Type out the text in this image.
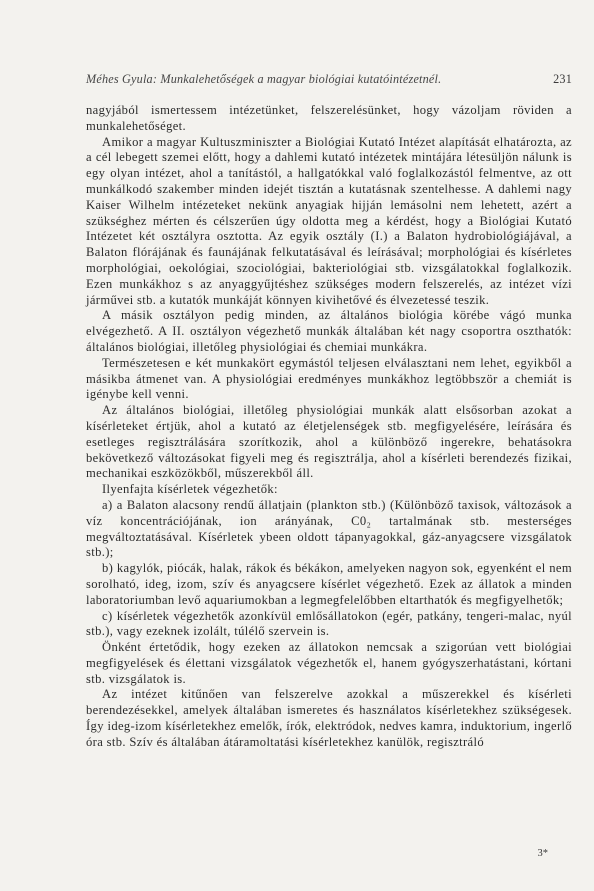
Méhes Gyula: Munkalehetőségek a magyar biológiai kutatóintézetnél.	231

nagyjából ismertessem intézetünket, felszerelésünket, hogy vázoljam röviden a munkalehetőséget.

Amikor a magyar Kultuszminiszter a Biológiai Kutató Intézet alapítását elhatározta, az a cél lebegett szemei előtt, hogy a dahlemi kutató intézetek mintájára létesüljön nálunk is egy olyan intézet, ahol a tanítástól, a hallgatókkal való foglalkozástól felmentve, az ott munkálkodó szakember minden idejét tisztán a kutatásnak szentelhesse. A dahlemi nagy Kaiser Wilhelm intézeteket nekünk anyagiak hijján lemásolni nem lehetett, azért a szükséghez mérten és célszerűen úgy oldotta meg a kérdést, hogy a Biológiai Kutató Intézetet két osztályra osztotta. Az egyik osztály (I.) a Balaton hydrobiológiájával, a Balaton flórájának és faunájának felkutatásával és leírásával; morphológiai és kísérletes morphológiai, oekológiai, szociológiai, bakteriológiai stb. vizsgálatokkal foglalkozik. Ezen munkákhoz s az anyaggyűjtéshez szükséges modern felszerelés, az intézet vízi járművei stb. a kutatók munkáját könnyen kivihetővé és élvezetessé teszik.

A másik osztályon pedig minden, az általános biológia körébe vágó munka elvégezhető. A II. osztályon végezhető munkák általában két nagy csoportra oszthatók: általános biológiai, illetőleg physiológiai és chemiai munkákra.

Természetesen e két munkakört egymástól teljesen elválasztani nem lehet, egyikből a másikba átmenet van. A physiológiai eredményes munkákhoz legtöbbször a chemiát is igénybe kell venni.

Az általános biológiai, illetőleg physiológiai munkák alatt elsősorban azokat a kísérleteket értjük, ahol a kutató az életjelenségek stb. megfigyelésére, leírására és esetleges regisztrálására szorítkozik, ahol a különböző ingerekre, behatásokra bekövetkező változásokat figyeli meg és regisztrálja, ahol a kísérleti berendezés fizikai, mechanikai eszközökből, műszerekből áll.

Ilyenfajta kísérletek végezhetők:

a) a Balaton alacsony rendű állatjain (plankton stb.) (Különböző taxisok, változások a víz koncentrációjának, ion arányának, C0₂ tartalmának stb. mesterséges megváltoztatásával. Kísérletek ybeen oldott tápanyagokkal, gáz-anyagcsere vizsgálatok stb.);

b) kagylók, piócák, halak, rákok és békákon, amelyeken nagyon sok, egyenként el nem sorolható, ideg, izom, szív és anyagcsere kísérlet végezhető. Ezek az állatok a minden laboratoriumban levő aquariumokban a legmegfelelőbben eltarthatók és megfigyelhetők;

c) kísérletek végezhetők azonkívül emlősállatokon (egér, patkány, tengeri-malac, nyúl stb.), vagy ezeknek izolált, túlélő szervein is.

Önként értetődik, hogy ezeken az állatokon nemcsak a szigorúan vett biológiai megfigyelések és élettani vizsgálatok végezhetők el, hanem gyógyszerhatástani, kórtani stb. vizsgálatok is.

Az intézet kitűnően van felszerelve azokkal a műszerekkel és kísérleti berendezésekkel, amelyek általában ismeretes és használatos kísérletekhez szükségesek. Így ideg-izom kísérletekhez emelők, írók, elektródok, nedves kamra, induktorium, ingerlő óra stb. Szív és általában átáramoltatási kísérletekhez kanülök, regisztráló

3*
